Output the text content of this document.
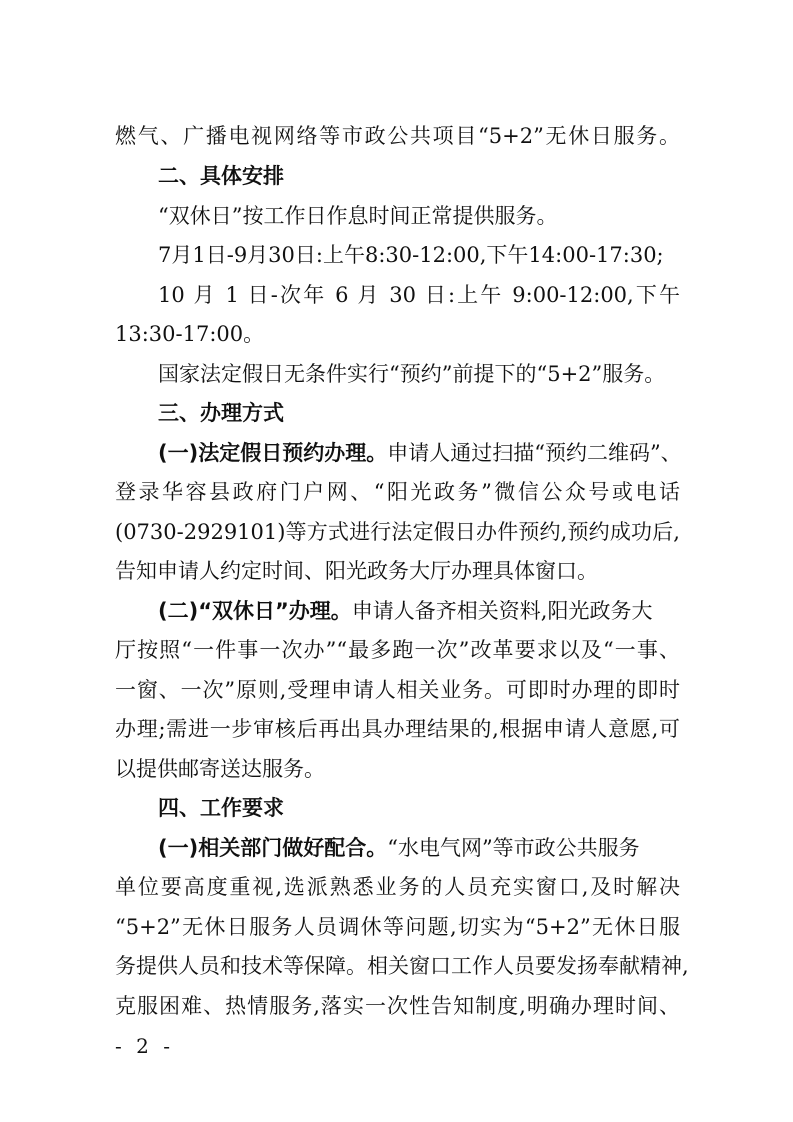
燃气、广播电视网络等市政公共项目“5+2”无休日服务。
二、具体安排
“双休日”按工作日作息时间正常提供服务。
7月1日-9月30日:上午8:30-12:00,下午14:00-17:30;
10 月 1 日-次年 6 月 30 日:上午 9:00-12:00,下午
13:30-17:00。
国家法定假日无条件实行“预约”前提下的“5+2”服务。
三、办理方式
(一)法定假日预约办理。申请人通过扫描“预约二维码”、
登录华容县政府门户网、“阳光政务”微信公众号或电话
(0730-2929101)等方式进行法定假日办件预约,预约成功后,
告知申请人约定时间、阳光政务大厅办理具体窗口。
(二)“双休日”办理。申请人备齐相关资料,阳光政务大
厅按照“一件事一次办”“最多跑一次”改革要求以及“一事、
一窗、一次”原则,受理申请人相关业务。可即时办理的即时
办理;需进一步审核后再出具办理结果的,根据申请人意愿,可
以提供邮寄送达服务。
四、工作要求
(一)相关部门做好配合。“水电气网”等市政公共服务
单位要高度重视,选派熟悉业务的人员充实窗口,及时解决
“5+2”无休日服务人员调休等问题,切实为“5+2”无休日服
务提供人员和技术等保障。相关窗口工作人员要发扬奉献精神,
克服困难、热情服务,落实一次性告知制度,明确办理时间、
- 2 -
